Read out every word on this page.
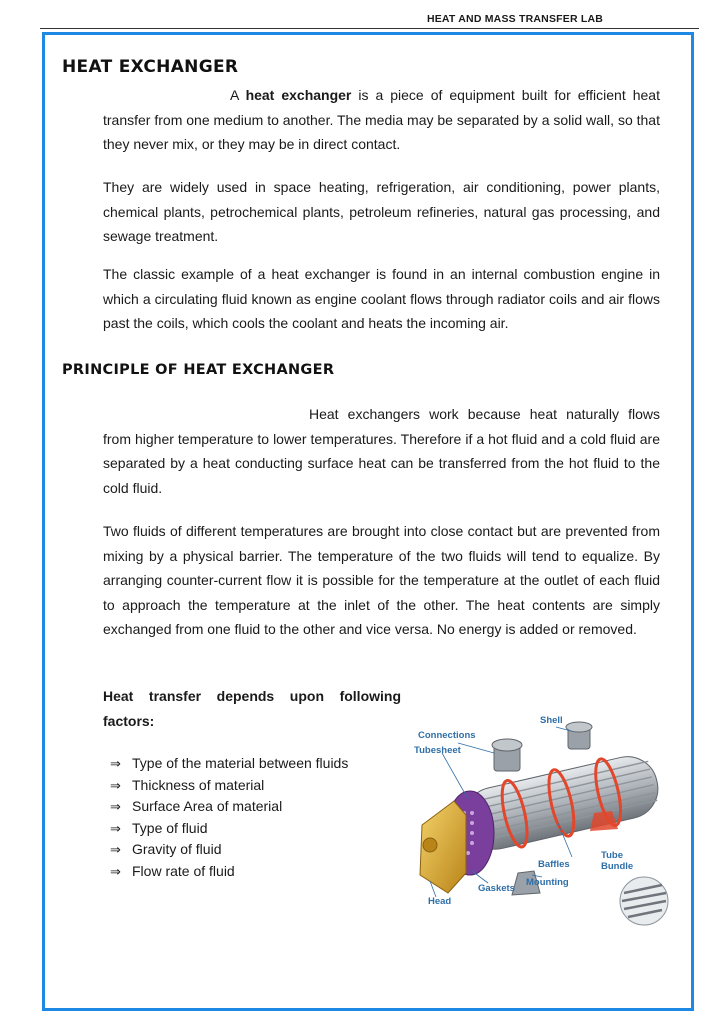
HEAT AND MASS TRANSFER LAB
HEAT EXCHANGER

A heat exchanger is a piece of equipment built for efficient heat transfer from one medium to another. The media may be separated by a solid wall, so that they never mix, or they may be in direct contact.

They are widely used in space heating, refrigeration, air conditioning, power plants, chemical plants, petrochemical plants, petroleum refineries, natural gas processing, and sewage treatment.

The classic example of a heat exchanger is found in an internal combustion engine in which a circulating fluid known as engine coolant flows through radiator coils and air flows past the coils, which cools the coolant and heats the incoming air.

PRINCIPLE OF HEAT EXCHANGER

Heat exchangers work because heat naturally flows from higher temperature to lower temperatures. Therefore if a hot fluid and a cold fluid are separated by a heat conducting surface heat can be transferred from the hot fluid to the cold fluid.

Two fluids of different temperatures are brought into close contact but are prevented from mixing by a physical barrier. The temperature of the two fluids will tend to equalize. By arranging counter-current flow it is possible for the temperature at the outlet of each fluid to approach the temperature at the inlet of the other. The heat contents are simply exchanged from one fluid to the other and vice versa. No energy is added or removed.

Heat transfer depends upon following factors:

⇒ Type of the material between fluids
⇒ Thickness of material
⇒ Surface Area of material
⇒ Type of fluid
⇒ Gravity of fluid
⇒ Flow rate of fluid
Connections
Shell
Tubesheet
Tube
Bundle
Baffles
Mounting
Gaskets
Head
